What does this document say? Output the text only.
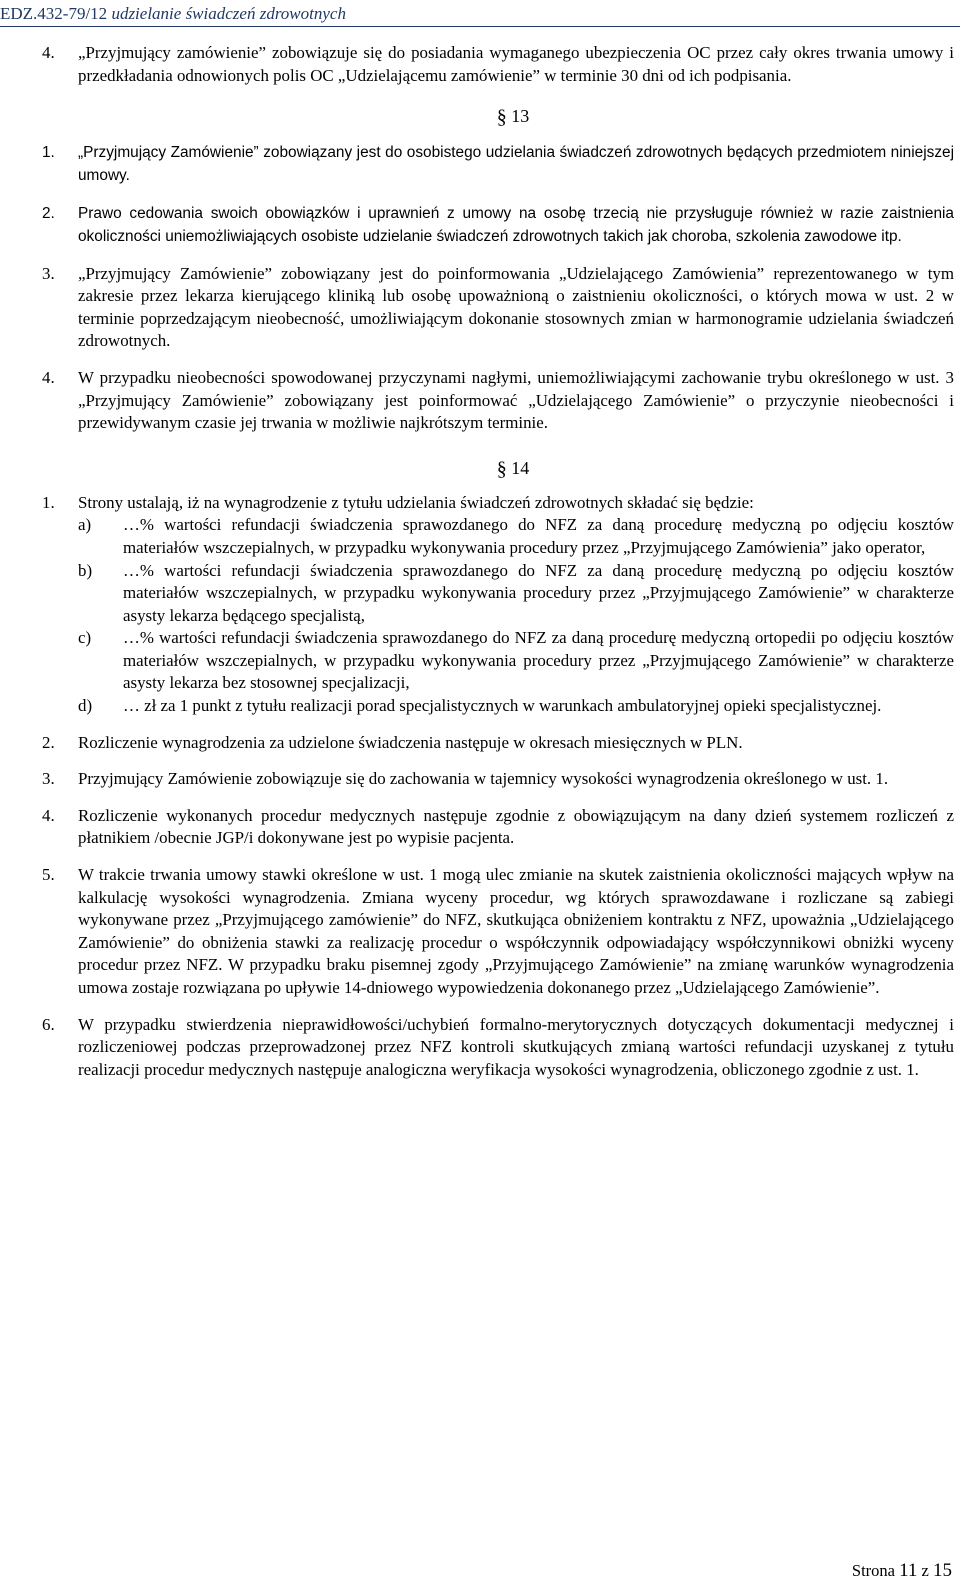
EDZ.432-79/12 udzielanie świadczeń zdrowotnych
4. „Przyjmujący zamówienie” zobowiązuje się do posiadania wymaganego ubezpieczenia OC przez cały okres trwania umowy i przedkładania odnowionych polis OC „Udzielającemu zamówienie” w terminie 30 dni od ich podpisania.
§ 13
1. „Przyjmujący Zamówienie” zobowiązany jest do osobistego udzielania świadczeń zdrowotnych będących przedmiotem niniejszej umowy.
2. Prawo cedowania swoich obowiązków i uprawnień z umowy na osobę trzecią nie przysługuje również w razie zaistnienia okoliczności uniemożliwiających osobiste udzielanie świadczeń zdrowotnych takich jak choroba, szkolenia zawodowe itp.
3. „Przyjmujący Zamówienie” zobowiązany jest do poinformowania „Udzielającego Zamówienia” reprezentowanego w tym zakresie przez lekarza kierującego kliniką lub osobę upoważnioną o zaistnieniu okoliczności, o których mowa w ust. 2 w terminie poprzedzającym nieobecność, umożliwiającym dokonanie stosownych zmian w harmonogramie udzielania świadczeń zdrowotnych.
4. W przypadku nieobecności spowodowanej przyczynami nagłymi, uniemożliwiającymi zachowanie trybu określonego w ust. 3 „Przyjmujący Zamówienie” zobowiązany jest poinformować „Udzielającego Zamówienie” o przyczynie nieobecności i przewidywanym czasie jej trwania w możliwie najkrótszym terminie.
§ 14
1. Strony ustalają, iż na wynagrodzenie z tytułu udzielania świadczeń zdrowotnych składać się będzie:
a) …% wartości refundacji świadczenia sprawozdanego do NFZ za daną procedurę medyczną po odjęciu kosztów materiałów wszczepialnych, w przypadku wykonywania procedury przez „Przyjmującego Zamówienia” jako operator,
b) …% wartości refundacji świadczenia sprawozdanego do NFZ za daną procedurę medyczną po odjęciu kosztów materiałów wszczepialnych, w przypadku wykonywania procedury przez „Przyjmującego Zamówienie” w charakterze asysty lekarza będącego specjalistą,
c) …% wartości refundacji świadczenia sprawozdanego do NFZ za daną procedurę medyczną ortopedii po odjęciu kosztów materiałów wszczepialnych, w przypadku wykonywania procedury przez „Przyjmującego Zamówienie” w charakterze asysty lekarza bez stosownej specjalizacji,
d) … zł za 1 punkt z tytułu realizacji porad specjalistycznych w warunkach ambulatoryjnej opieki specjalistycznej.
2. Rozliczenie wynagrodzenia za udzielone świadczenia następuje w okresach miesięcznych w PLN.
3. Przyjmujący Zamówienie zobowiązuje się do zachowania w tajemnicy wysokości wynagrodzenia określonego w ust. 1.
4. Rozliczenie wykonanych procedur medycznych następuje zgodnie z obowiązującym na dany dzień systemem rozliczeń z płatnikiem /obecnie JGP/i dokonywane jest po wypisie pacjenta.
5. W trakcie trwania umowy stawki określone w ust. 1 mogą ulec zmianie na skutek zaistnienia okoliczności mających wpływ na kalkulację wysokości wynagrodzenia. Zmiana wyceny procedur, wg których sprawozdawane i rozliczane są zabiegi wykonywane przez „Przyjmującego zamówienie” do NFZ, skutkująca obniżeniem kontraktu z NFZ, upoważnia „Udzielającego Zamówienie” do obniżenia stawki za realizację procedur o współczynnik odpowiadający współczynnikowi obniżki wyceny procedur przez NFZ. W przypadku braku pisemnej zgody „Przyjmującego Zamówienie” na zmianę warunków wynagrodzenia umowa zostaje rozwiązana po upływie 14-dniowego wypowiedzenia dokonanego przez „Udzielającego Zamówienie”.
6. W przypadku stwierdzenia nieprawidłowości/uchybień formalno-merytorycznych dotyczących dokumentacji medycznej i rozliczeniowej podczas przeprowadzonej przez NFZ kontroli skutkujących zmianą wartości refundacji uzyskanej z tytułu realizacji procedur medycznych następuje analogiczna weryfikacja wysokości wynagrodzenia, obliczonego zgodnie z ust. 1.
Strona 11 z 15
